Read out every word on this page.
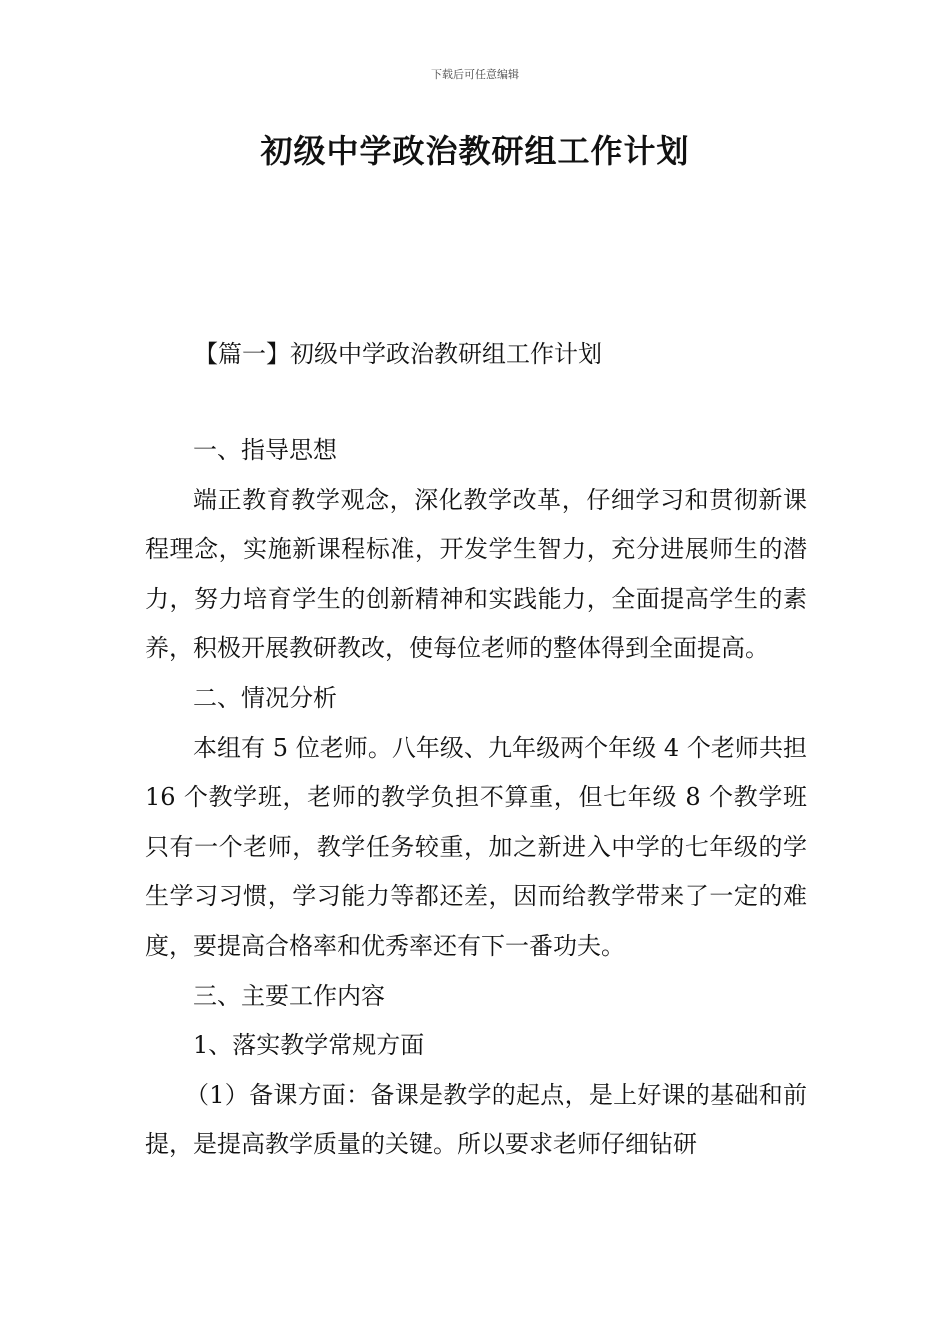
下载后可任意编辑
初级中学政治教研组工作计划
【篇一】初级中学政治教研组工作计划

一、指导思想

端正教育教学观念，深化教学改革，仔细学习和贯彻新课程理念，实施新课程标准，开发学生智力，充分进展师生的潜力，努力培育学生的创新精神和实践能力，全面提高学生的素养，积极开展教研教改，使每位老师的整体得到全面提高。

二、情况分析

本组有 5 位老师。八年级、九年级两个年级 4 个老师共担 16 个教学班，老师的教学负担不算重，但七年级 8 个教学班只有一个老师，教学任务较重，加之新进入中学的七年级的学生学习习惯，学习能力等都还差，因而给教学带来了一定的难度，要提高合格率和优秀率还有下一番功夫。

三、主要工作内容

1、落实教学常规方面

（1）备课方面：备课是教学的起点，是上好课的基础和前提，是提高教学质量的关键。所以要求老师仔细钻研
